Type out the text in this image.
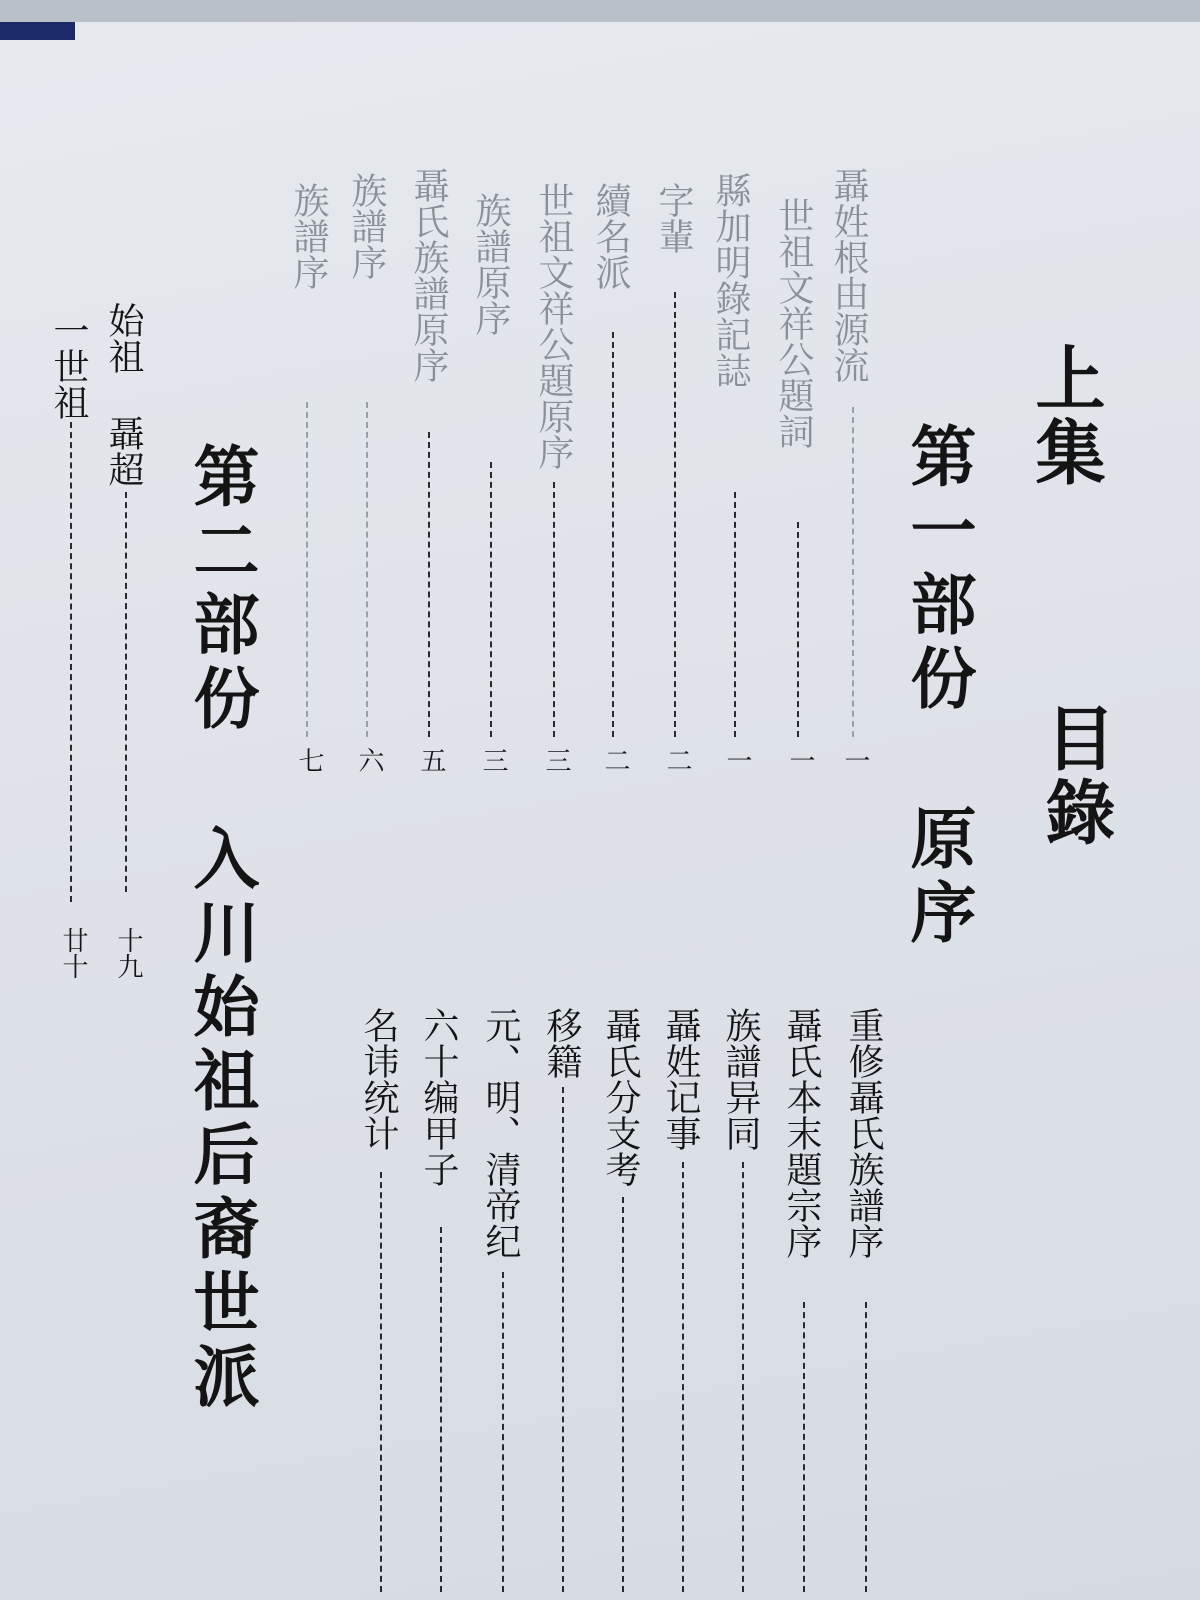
上集
目錄
第一部份 原序
聶姓根由源流
一
世祖文祥公題詞
一
縣加明錄記誌
一
字輩
二
續名派
二
世祖文祥公題原序
三
族譜原序
三
聶氏族譜原序
五
族譜序
六
族譜序
七
重修聶氏族譜序
聶氏本末題宗序
族譜异同
聶姓记事
聶氏分支考
移籍
元、明、清帝纪
六十编甲子
名讳统计
第二部份 入川始祖后裔世派
始祖 聶超
十九
一世祖
廿十
